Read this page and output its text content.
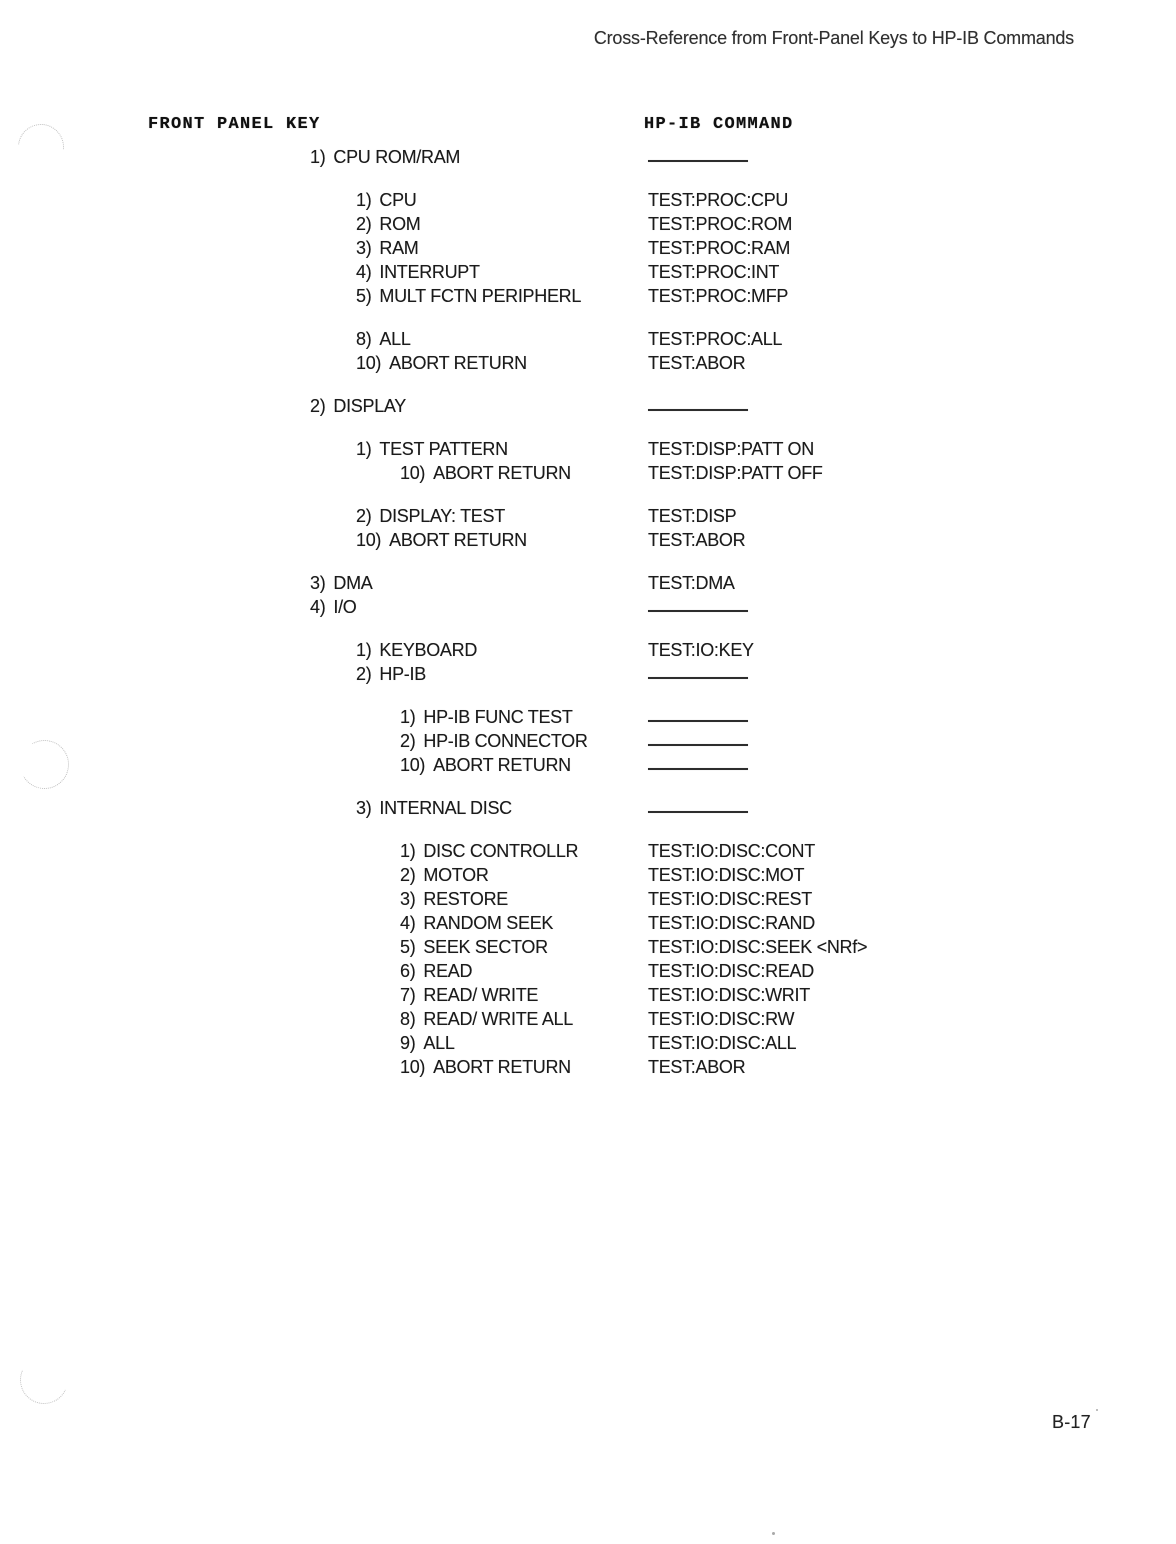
Cross-Reference from Front-Panel Keys to HP-IB Commands
FRONT PANEL KEY	HP-IB COMMAND
1) CPU ROM/RAM
1) CPU	TEST:PROC:CPU
2) ROM	TEST:PROC:ROM
3) RAM	TEST:PROC:RAM
4) INTERRUPT	TEST:PROC:INT
5) MULT FCTN PERIPHERL	TEST:PROC:MFP
8) ALL	TEST:PROC:ALL
10) ABORT RETURN	TEST:ABOR
2) DISPLAY
1) TEST PATTERN	TEST:DISP:PATT ON
10) ABORT RETURN	TEST:DISP:PATT OFF
2) DISPLAY: TEST	TEST:DISP
10) ABORT RETURN	TEST:ABOR
3) DMA	TEST:DMA
4) I/O
1) KEYBOARD	TEST:IO:KEY
2) HP-IB
1) HP-IB FUNC TEST
2) HP-IB CONNECTOR
10) ABORT RETURN
3) INTERNAL DISC
1) DISC CONTROLLR	TEST:IO:DISC:CONT
2) MOTOR	TEST:IO:DISC:MOT
3) RESTORE	TEST:IO:DISC:REST
4) RANDOM SEEK	TEST:IO:DISC:RAND
5) SEEK SECTOR	TEST:IO:DISC:SEEK <NRf>
6) READ	TEST:IO:DISC:READ
7) READ/ WRITE	TEST:IO:DISC:WRIT
8) READ/ WRITE ALL	TEST:IO:DISC:RW
9) ALL	TEST:IO:DISC:ALL
10) ABORT RETURN	TEST:ABOR
B-17
